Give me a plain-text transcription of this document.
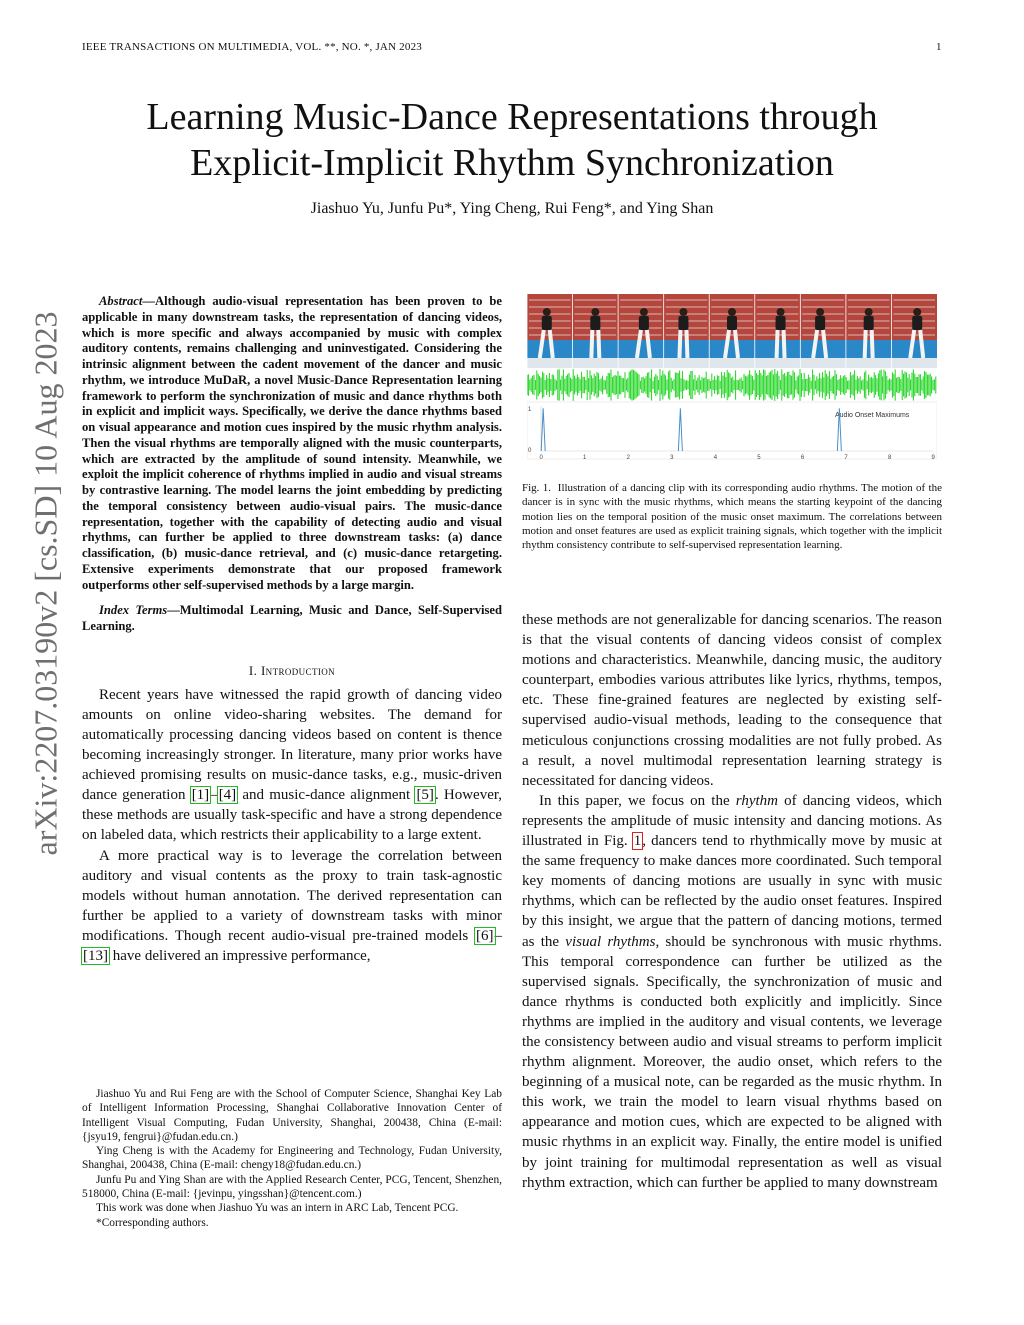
IEEE TRANSACTIONS ON MULTIMEDIA, VOL. **, NO. *, JAN 2023	1
Learning Music-Dance Representations through
Explicit-Implicit Rhythm Synchronization
Jiashuo Yu, Junfu Pu*, Ying Cheng, Rui Feng*, and Ying Shan
arXiv:2207.03190v2 [cs.SD] 10 Aug 2023

Abstract—Although audio-visual representation has been proven to be applicable in many downstream tasks, the representation of dancing videos, which is more specific and always accompanied by music with complex auditory contents, remains challenging and uninvestigated. Considering the intrinsic alignment between the cadent movement of the dancer and music rhythm, we introduce MuDaR, a novel Music-Dance Representation learning framework to perform the synchronization of music and dance rhythms both in explicit and implicit ways. Specifically, we derive the dance rhythms based on visual appearance and motion cues inspired by the music rhythm analysis. Then the visual rhythms are temporally aligned with the music counterparts, which are extracted by the amplitude of sound intensity. Meanwhile, we exploit the implicit coherence of rhythms implied in audio and visual streams by contrastive learning. The model learns the joint embedding by predicting the temporal consistency between audio-visual pairs. The music-dance representation, together with the capability of detecting audio and visual rhythms, can further be applied to three downstream tasks: (a) dance classification, (b) music-dance retrieval, and (c) music-dance retargeting. Extensive experiments demonstrate that our proposed framework outperforms other self-supervised methods by a large margin.

Index Terms—Multimodal Learning, Music and Dance, Self-Supervised Learning.

I. Introduction

Recent years have witnessed the rapid growth of dancing video amounts on online video-sharing websites. The demand for automatically processing dancing videos based on content is thence becoming increasingly stronger. In literature, many prior works have achieved promising results on music-dance tasks, e.g., music-driven dance generation [1]–[4] and music-dance alignment [5]. However, these methods are usually task-specific and have a strong dependence on labeled data, which restricts their applicability to a large extent.

A more practical way is to leverage the correlation between auditory and visual contents as the proxy to train task-agnostic models without human annotation. The derived representation can further be applied to a variety of downstream tasks with minor modifications. Though recent audio-visual pre-trained models [6]–[13] have delivered an impressive performance,

Jiashuo Yu and Rui Feng are with the School of Computer Science, Shanghai Key Lab of Intelligent Information Processing, Shanghai Collaborative Innovation Center of Intelligent Visual Computing, Fudan University, Shanghai, 200438, China (E-mail: {jsyu19, fengrui}@fudan.edu.cn.)

Ying Cheng is with the Academy for Engineering and Technology, Fudan University, Shanghai, 200438, China (E-mail: chengy18@fudan.edu.cn.)

Junfu Pu and Ying Shan are with the Applied Research Center, PCG, Tencent, Shenzhen, 518000, China (E-mail: {jevinpu, yingsshan}@tencent.com.)

This work was done when Jiashuo Yu was an intern in ARC Lab, Tencent PCG.

*Corresponding authors.

1
0
Audio Onset Maximums
0	1	2	3	4	5	6	7	8	9
Fig. 1. Illustration of a dancing clip with its corresponding audio rhythms. The motion of the dancer is in sync with the music rhythms, which means the starting keypoint of the dancing motion lies on the temporal position of the music onset maximum. The correlations between motion and onset features are used as explicit training signals, which together with the implicit rhythm consistency contribute to self-supervised representation learning.

these methods are not generalizable for dancing scenarios. The reason is that the visual contents of dancing videos consist of complex motions and characteristics. Meanwhile, dancing music, the auditory counterpart, embodies various attributes like lyrics, rhythms, tempos, etc. These fine-grained features are neglected by existing self-supervised audio-visual methods, leading to the consequence that meticulous conjunctions crossing modalities are not fully probed. As a result, a novel multimodal representation learning strategy is necessitated for dancing videos.

In this paper, we focus on the rhythm of dancing videos, which represents the amplitude of music intensity and dancing motions. As illustrated in Fig. 1, dancers tend to rhythmically move by music at the same frequency to make dances more coordinated. Such temporal key moments of dancing motions are usually in sync with music rhythms, which can be reflected by the audio onset features. Inspired by this insight, we argue that the pattern of dancing motions, termed as the visual rhythms, should be synchronous with music rhythms. This temporal correspondence can further be utilized as the supervised signals. Specifically, the synchronization of music and dance rhythms is conducted both explicitly and implicitly. Since rhythms are implied in the auditory and visual contents, we leverage the consistency between audio and visual streams to perform implicit rhythm alignment. Moreover, the audio onset, which refers to the beginning of a musical note, can be regarded as the music rhythm. In this work, we train the model to learn visual rhythms based on appearance and motion cues, which are expected to be aligned with music rhythms in an explicit way. Finally, the entire model is unified by joint training for multimodal representation as well as visual rhythm extraction, which can further be applied to many downstream
